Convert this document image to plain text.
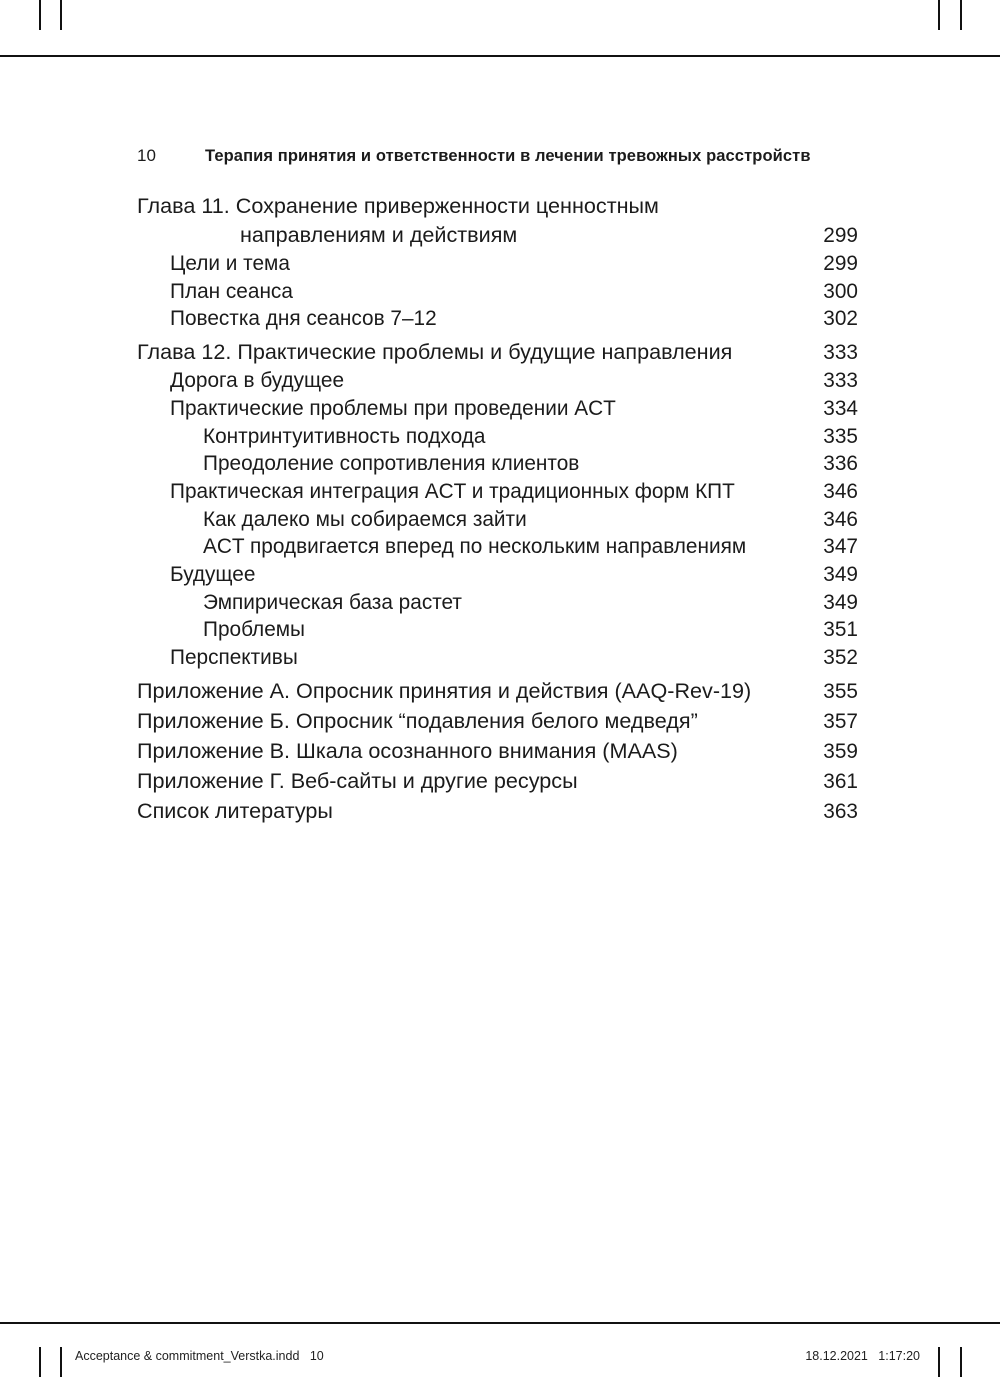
10	Терапия принятия и ответственности в лечении тревожных расстройств
Глава 11. Сохранение приверженности ценностным
направлениям и действиям	299
Цели и тема	299
План сеанса	300
Повестка дня сеансов 7–12	302
Глава 12. Практические проблемы и будущие направления	333
Дорога в будущее	333
Практические проблемы при проведении ACT	334
Контринтуитивность подхода	335
Преодоление сопротивления клиентов	336
Практическая интеграция ACT и традиционных форм КПТ	346
Как далеко мы собираемся зайти	346
ACT продвигается вперед по нескольким направлениям	347
Будущее	349
Эмпирическая база растет	349
Проблемы	351
Перспективы	352
Приложение А. Опросник принятия и действия (AAQ-Rev-19)	355
Приложение Б. Опросник “подавления белого медведя”	357
Приложение В. Шкала осознанного внимания (MAAS)	359
Приложение Г. Веб-сайты и другие ресурсы	361
Список литературы	363
Acceptance & commitment_Verstka.indd   10	18.12.2021   1:17:20
